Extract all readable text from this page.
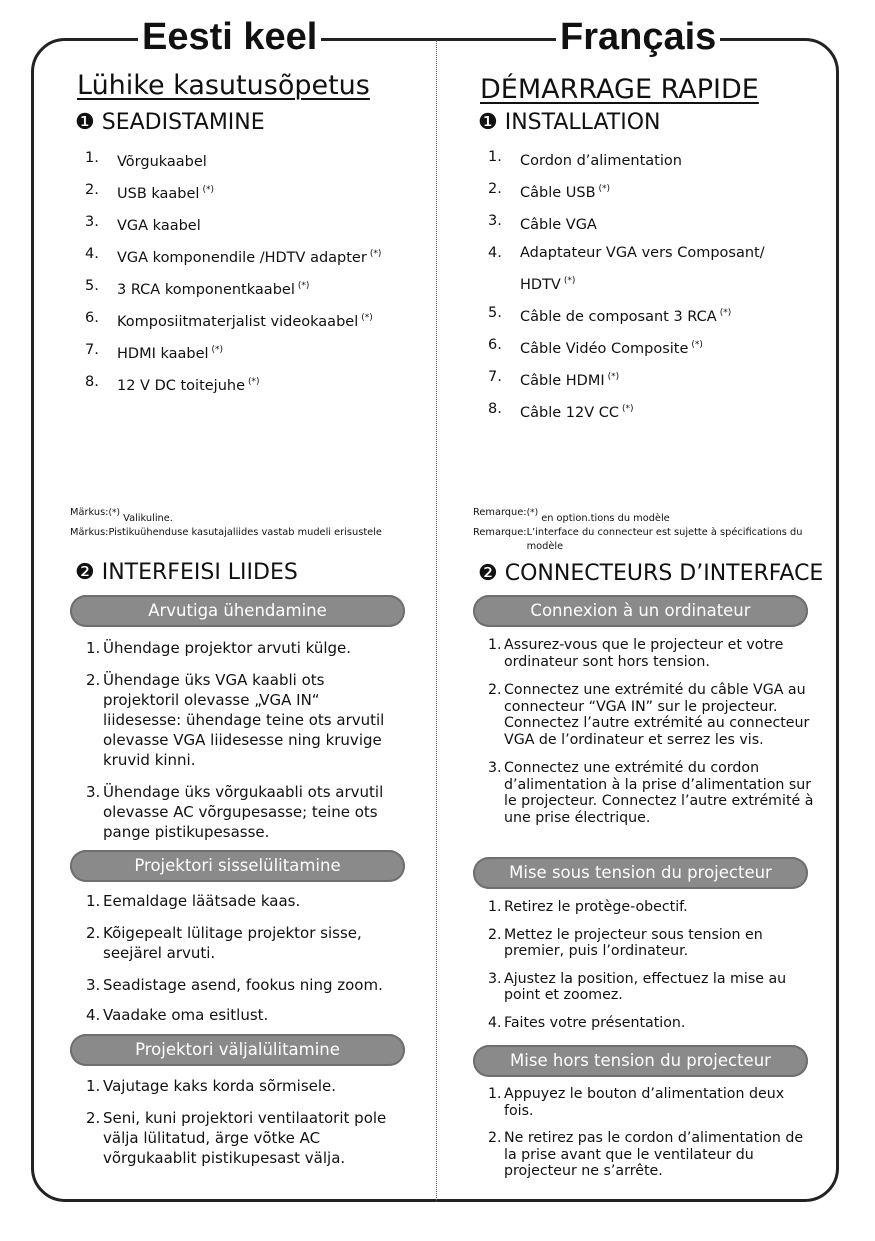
Eesti keel	Français
Lühike kasutusõpetus
❶ SEADISTAMINE
1. Võrgukaabel
2. USB kaabel (*)
3. VGA kaabel
4. VGA komponendile /HDTV adapter (*)
5. 3 RCA komponentkaabel (*)
6. Komposiitmaterjalist videokaabel (*)
7. HDMI kaabel (*)
8. 12 V DC toitejuhe (*)
Märkus: (*) Valikuline.
Märkus: Pistikuühenduse kasutajaliides vastab mudeli erisustele
❷ INTERFEISI LIIDES
Arvutiga ühendamine
1. Ühendage projektor arvuti külge.
2. Ühendage üks VGA kaabli ots projektoril olevasse „VGA IN“ liidesesse: ühendage teine ots arvutil olevasse VGA liidesesse ning kruvige kruvid kinni.
3. Ühendage üks võrgukaabli ots arvutil olevasse AC võrgupesasse; teine ots pange pistikupesasse.
Projektori sisselülitamine
1. Eemaldage läätsade kaas.
2. Kõigepealt lülitage projektor sisse, seejärel arvuti.
3. Seadistage asend, fookus ning zoom.
4. Vaadake oma esitlust.
Projektori väljalülitamine
1. Vajutage kaks korda sõrmisele.
2. Seni, kuni projektori ventilaatorit pole välja lülitatud, ärge võtke AC võrgukaablit pistikupesast välja.
DÉMARRAGE RAPIDE
❶ INSTALLATION
1. Cordon d’alimentation
2. Câble USB (*)
3. Câble VGA
4. Adaptateur VGA vers Composant/ HDTV (*)
5. Câble de composant 3 RCA (*)
6. Câble Vidéo Composite (*)
7. Câble HDMI (*)
8. Câble 12V CC (*)
Remarque: (*) en option.tions du modèle
Remarque: L’interface du connecteur est sujette à spécifications du modèle
❷ CONNECTEURS D’INTERFACE
Connexion à un ordinateur
1. Assurez-vous que le projecteur et votre ordinateur sont hors tension.
2. Connectez une extrémité du câble VGA au connecteur “VGA IN” sur le projecteur. Connectez l’autre extrémité au connecteur VGA de l’ordinateur et serrez les vis.
3. Connectez une extrémité du cordon d’alimentation à la prise d’alimentation sur le projecteur. Connectez l’autre extrémité à une prise électrique.
Mise sous tension du projecteur
1. Retirez le protège-obectif.
2. Mettez le projecteur sous tension en premier, puis l’ordinateur.
3. Ajustez la position, effectuez la mise au point et zoomez.
4. Faites votre présentation.
Mise hors tension du projecteur
1. Appuyez le bouton d’alimentation deux fois.
2. Ne retirez pas le cordon d’alimentation de la prise avant que le ventilateur du projecteur ne s’arrête.
